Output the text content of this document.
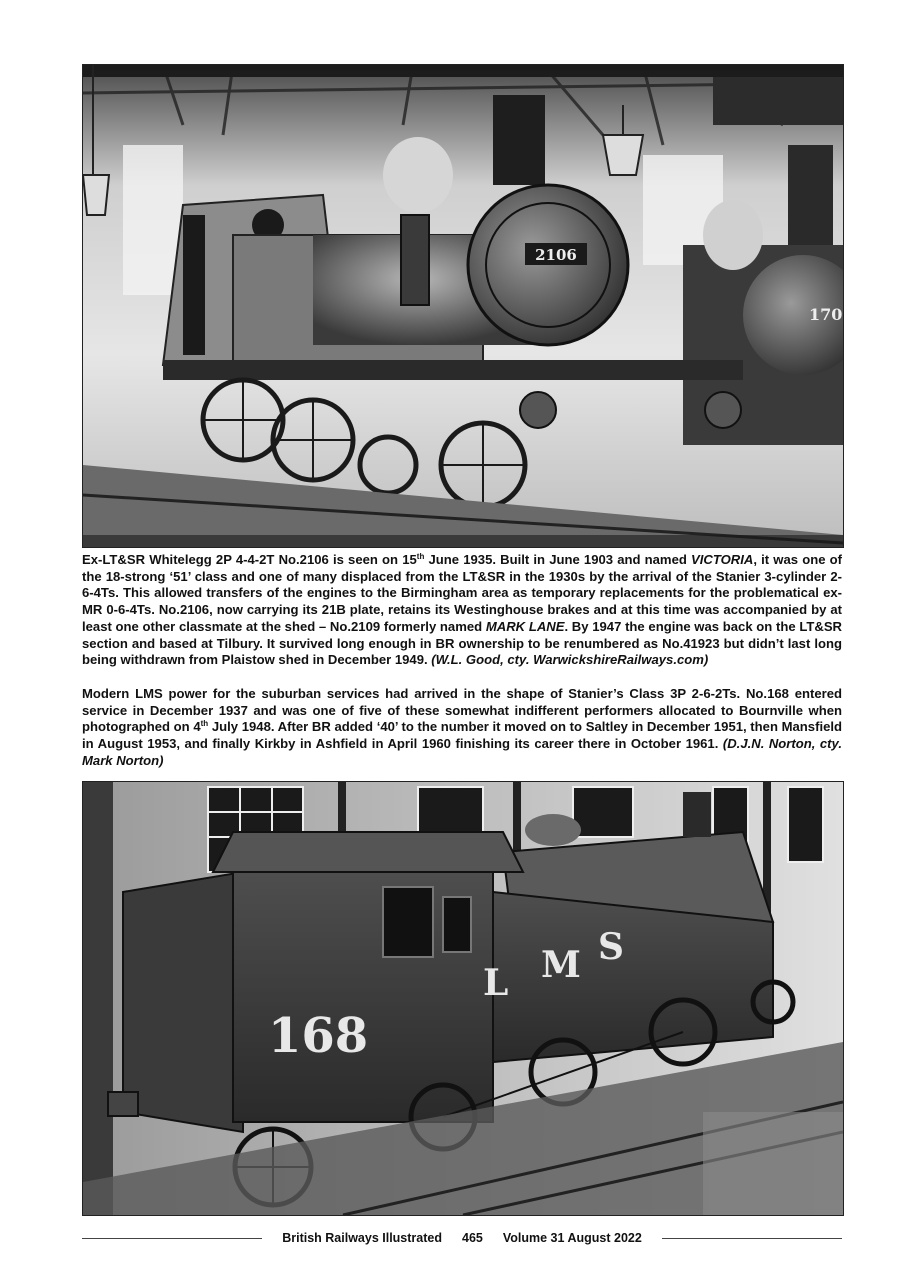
170
2106

Ex-LT&SR Whitelegg 2P 4-4-2T No.2106 is seen on 15th June 1935. Built in June 1903 and named VICTORIA, it was one of the 18-strong ‘51’ class and one of many displaced from the LT&SR in the 1930s by the arrival of the Stanier 3-cylinder 2-6-4Ts. This allowed transfers of the engines to the Birmingham area as temporary replacements for the problematical ex-MR 0-6-4Ts. No.2106, now carrying its 21B plate, retains its Westinghouse brakes and at this time was accompanied by at least one other classmate at the shed – No.2109 formerly named MARK LANE. By 1947 the engine was back on the LT&SR section and based at Tilbury. It survived long enough in BR ownership to be renumbered as No.41923 but didn’t last long being withdrawn from Plaistow shed in December 1949. (W.L. Good, cty. WarwickshireRailways.com)

Modern LMS power for the suburban services had arrived in the shape of Stanier’s Class 3P 2-6-2Ts. No.168 entered service in December 1937 and was one of five of these somewhat indifferent performers allocated to Bournville when photographed on 4th July 1948. After BR added ‘40’ to the number it moved on to Saltley in December 1951, then Mansfield in August 1953, and finally Kirkby in Ashfield in April 1960 finishing its career there in October 1961. (D.J.N. Norton, cty. Mark Norton)

L M S
168
British Railways Illustrated 465 Volume 31 August 2022
